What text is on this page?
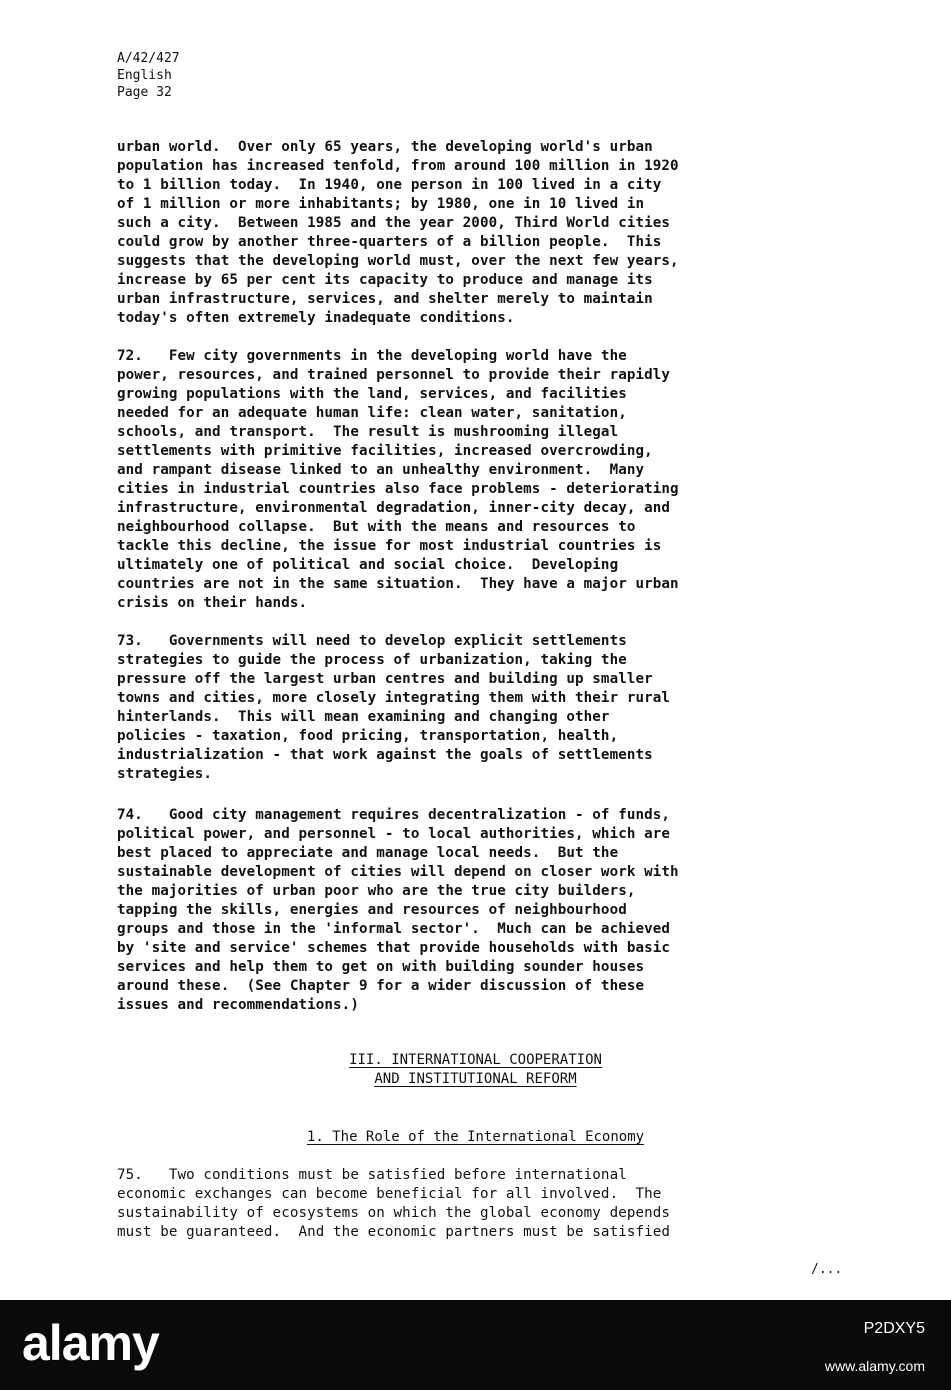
A/42/427
English
Page 32
urban world.  Over only 65 years, the developing world's urban
population has increased tenfold, from around 100 million in 1920
to 1 billion today.  In 1940, one person in 100 lived in a city
of 1 million or more inhabitants; by 1980, one in 10 lived in
such a city.  Between 1985 and the year 2000, Third World cities
could grow by another three-quarters of a billion people.  This
suggests that the developing world must, over the next few years,
increase by 65 per cent its capacity to produce and manage its
urban infrastructure, services, and shelter merely to maintain
today's often extremely inadequate conditions.
72.   Few city governments in the developing world have the
power, resources, and trained personnel to provide their rapidly
growing populations with the land, services, and facilities
needed for an adequate human life: clean water, sanitation,
schools, and transport.  The result is mushrooming illegal
settlements with primitive facilities, increased overcrowding,
and rampant disease linked to an unhealthy environment.  Many
cities in industrial countries also face problems - deteriorating
infrastructure, environmental degradation, inner-city decay, and
neighbourhood collapse.  But with the means and resources to
tackle this decline, the issue for most industrial countries is
ultimately one of political and social choice.  Developing
countries are not in the same situation.  They have a major urban
crisis on their hands.
73.   Governments will need to develop explicit settlements
strategies to guide the process of urbanization, taking the
pressure off the largest urban centres and building up smaller
towns and cities, more closely integrating them with their rural
hinterlands.  This will mean examining and changing other
policies - taxation, food pricing, transportation, health,
industrialization - that work against the goals of settlements
strategies.
74.   Good city management requires decentralization - of funds,
political power, and personnel - to local authorities, which are
best placed to appreciate and manage local needs.  But the
sustainable development of cities will depend on closer work with
the majorities of urban poor who are the true city builders,
tapping the skills, energies and resources of neighbourhood
groups and those in the 'informal sector'.  Much can be achieved
by 'site and service' schemes that provide households with basic
services and help them to get on with building sounder houses
around these.  (See Chapter 9 for a wider discussion of these
issues and recommendations.)
III. INTERNATIONAL COOPERATION
AND INSTITUTIONAL REFORM
1. The Role of the International Economy
75.   Two conditions must be satisfied before international
economic exchanges can become beneficial for all involved.  The
sustainability of ecosystems on which the global economy depends
must be guaranteed.  And the economic partners must be satisfied
/...
alamy	P2DXY5
www.alamy.com
